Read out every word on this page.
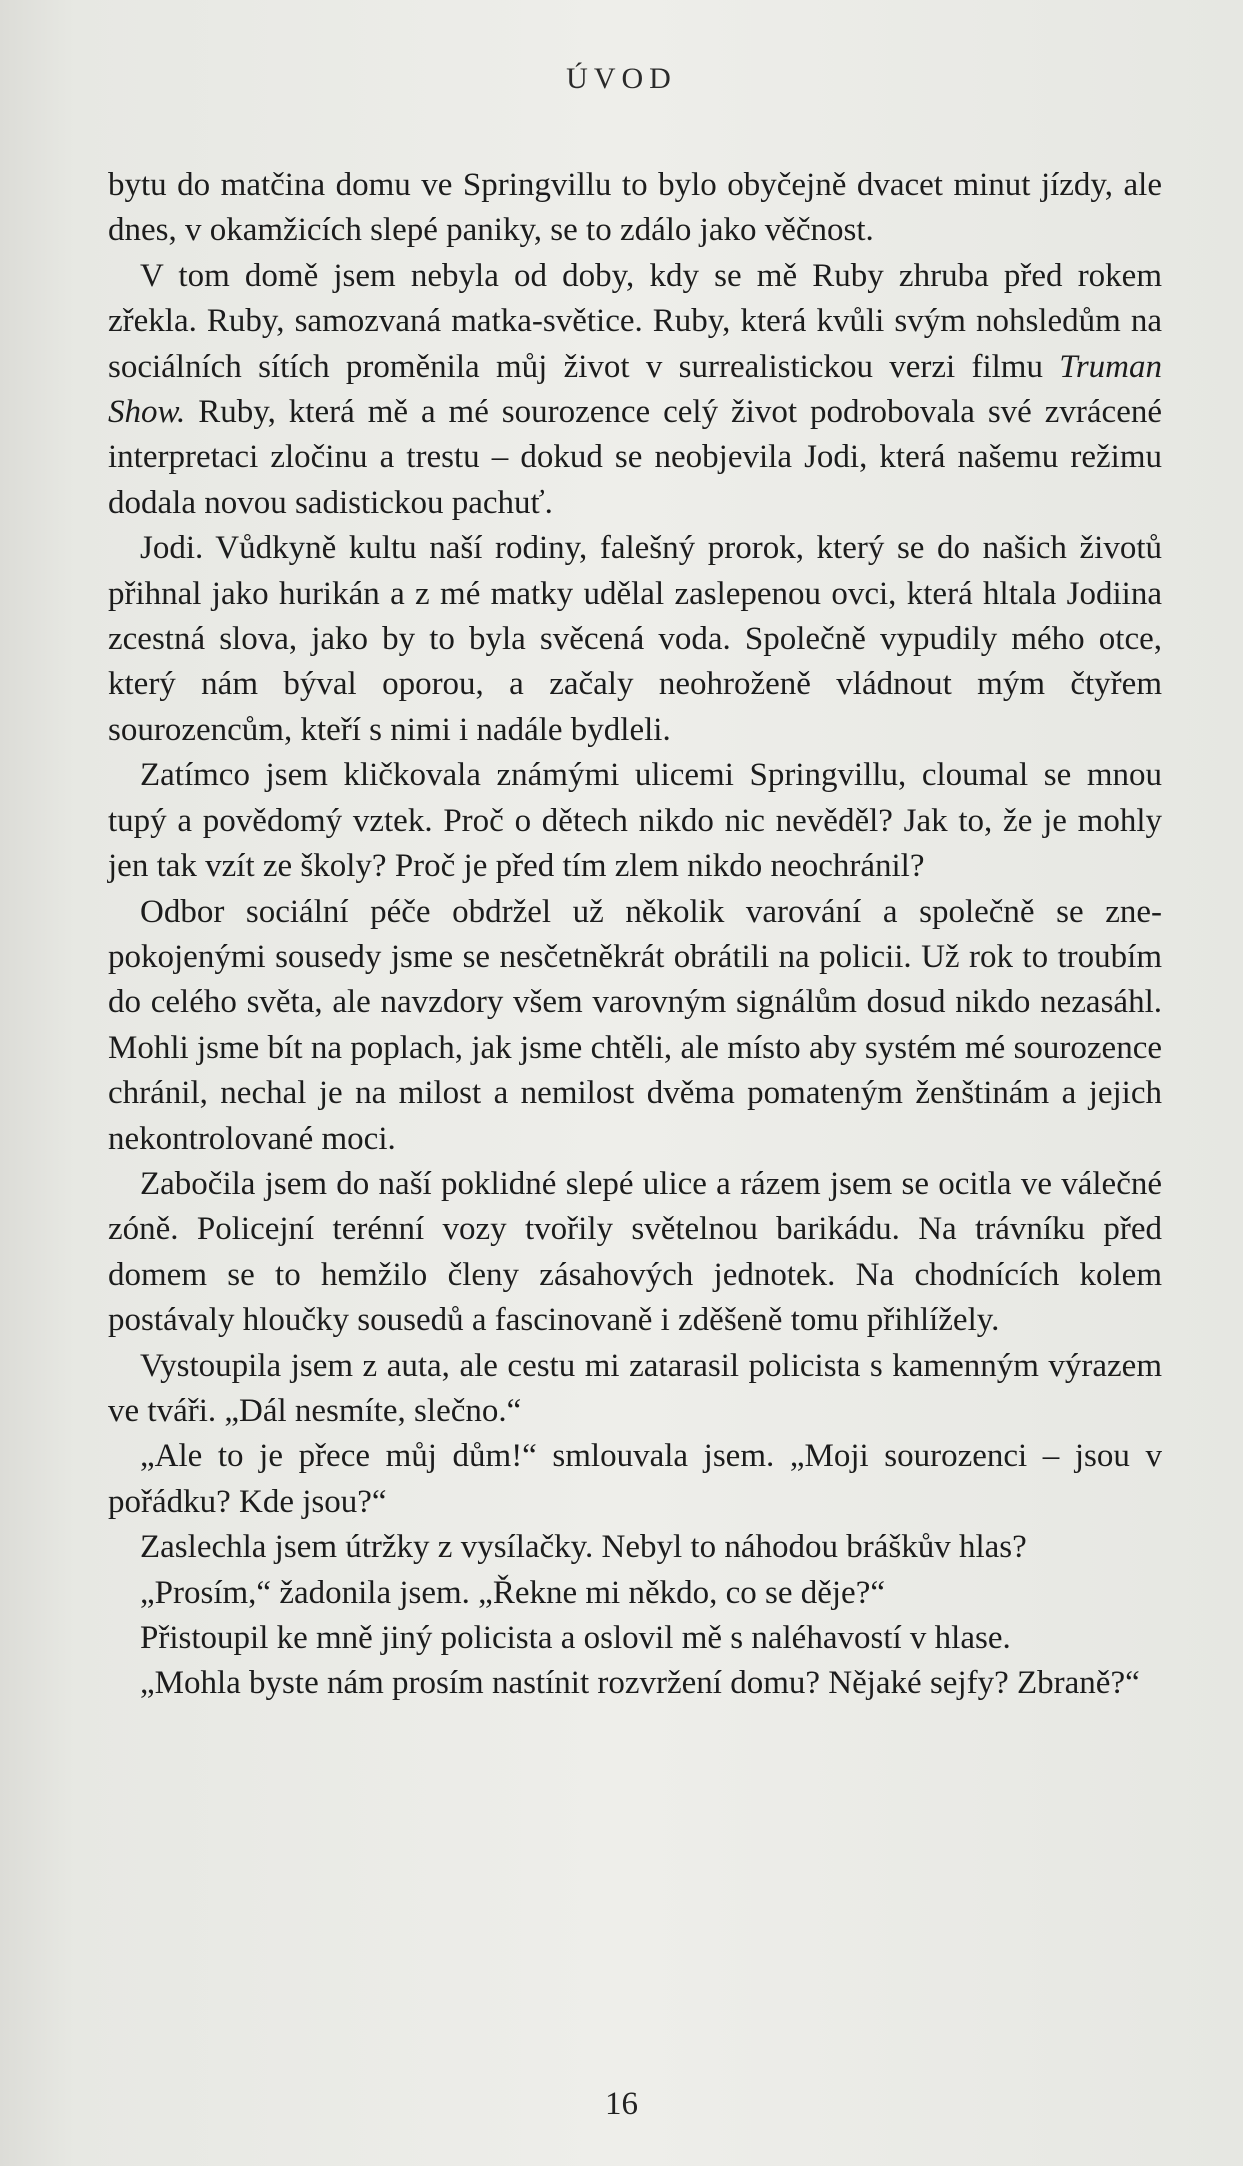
ÚVOD

bytu do matčina domu ve Springvillu to bylo obyčejně dvacet minut jízdy, ale dnes, v okamžicích slepé paniky, se to zdálo jako věčnost.

V tom domě jsem nebyla od doby, kdy se mě Ruby zhruba před rokem zřekla. Ruby, samozvaná matka-světice. Ruby, která kvůli svým nohsledům na sociálních sítích proměnila můj život v surrealistickou verzi filmu Truman Show. Ruby, která mě a mé sourozence celý život podrobovala své zvrácené interpretaci zločinu a trestu – dokud se neobjevila Jodi, která našemu režimu dodala novou sadistickou pachuť.

Jodi. Vůdkyně kultu naší rodiny, falešný prorok, který se do našich životů přihnal jako hurikán a z mé matky udělal zaslepenou ovci, která hltala Jodiina zcestná slova, jako by to byla svěcená voda. Společně vypudily mého otce, který nám býval oporou, a začaly neohroženě vládnout mým čtyřem sourozencům, kteří s nimi i nadále bydleli.

Zatímco jsem kličkovala známými ulicemi Springvillu, cloumal se mnou tupý a povědomý vztek. Proč o dětech nikdo nic nevěděl? Jak to, že je mohly jen tak vzít ze školy? Proč je před tím zlem nikdo neochránil?

Odbor sociální péče obdržel už několik varování a společně se znepokojenými sousedy jsme se nesčetněkrát obrátili na policii. Už rok to troubím do celého světa, ale navzdory všem varovným signálům dosud nikdo nezasáhl. Mohli jsme bít na poplach, jak jsme chtěli, ale místo aby systém mé sourozence chránil, nechal je na milost a nemilost dvěma pomateným ženštinám a jejich nekontrolované moci.

Zabočila jsem do naší poklidné slepé ulice a rázem jsem se ocitla ve válečné zóně. Policejní terénní vozy tvořily světelnou barikádu. Na trávníku před domem se to hemžilo členy zásahových jednotek. Na chodnících kolem postávaly hloučky sousedů a fascinovaně i zděšeně tomu přihlížely.

Vystoupila jsem z auta, ale cestu mi zatarasil policista s kamenným výrazem ve tváři. „Dál nesmíte, slečno.“

„Ale to je přece můj dům!“ smlouvala jsem. „Moji sourozenci – jsou v pořádku? Kde jsou?“

Zaslechla jsem útržky z vysílačky. Nebyl to náhodou bráškův hlas?

„Prosím,“ žadonila jsem. „Řekne mi někdo, co se děje?“

Přistoupil ke mně jiný policista a oslovil mě s naléhavostí v hlase.

„Mohla byste nám prosím nastínit rozvržení domu? Nějaké sejfy? Zbraně?“

16
